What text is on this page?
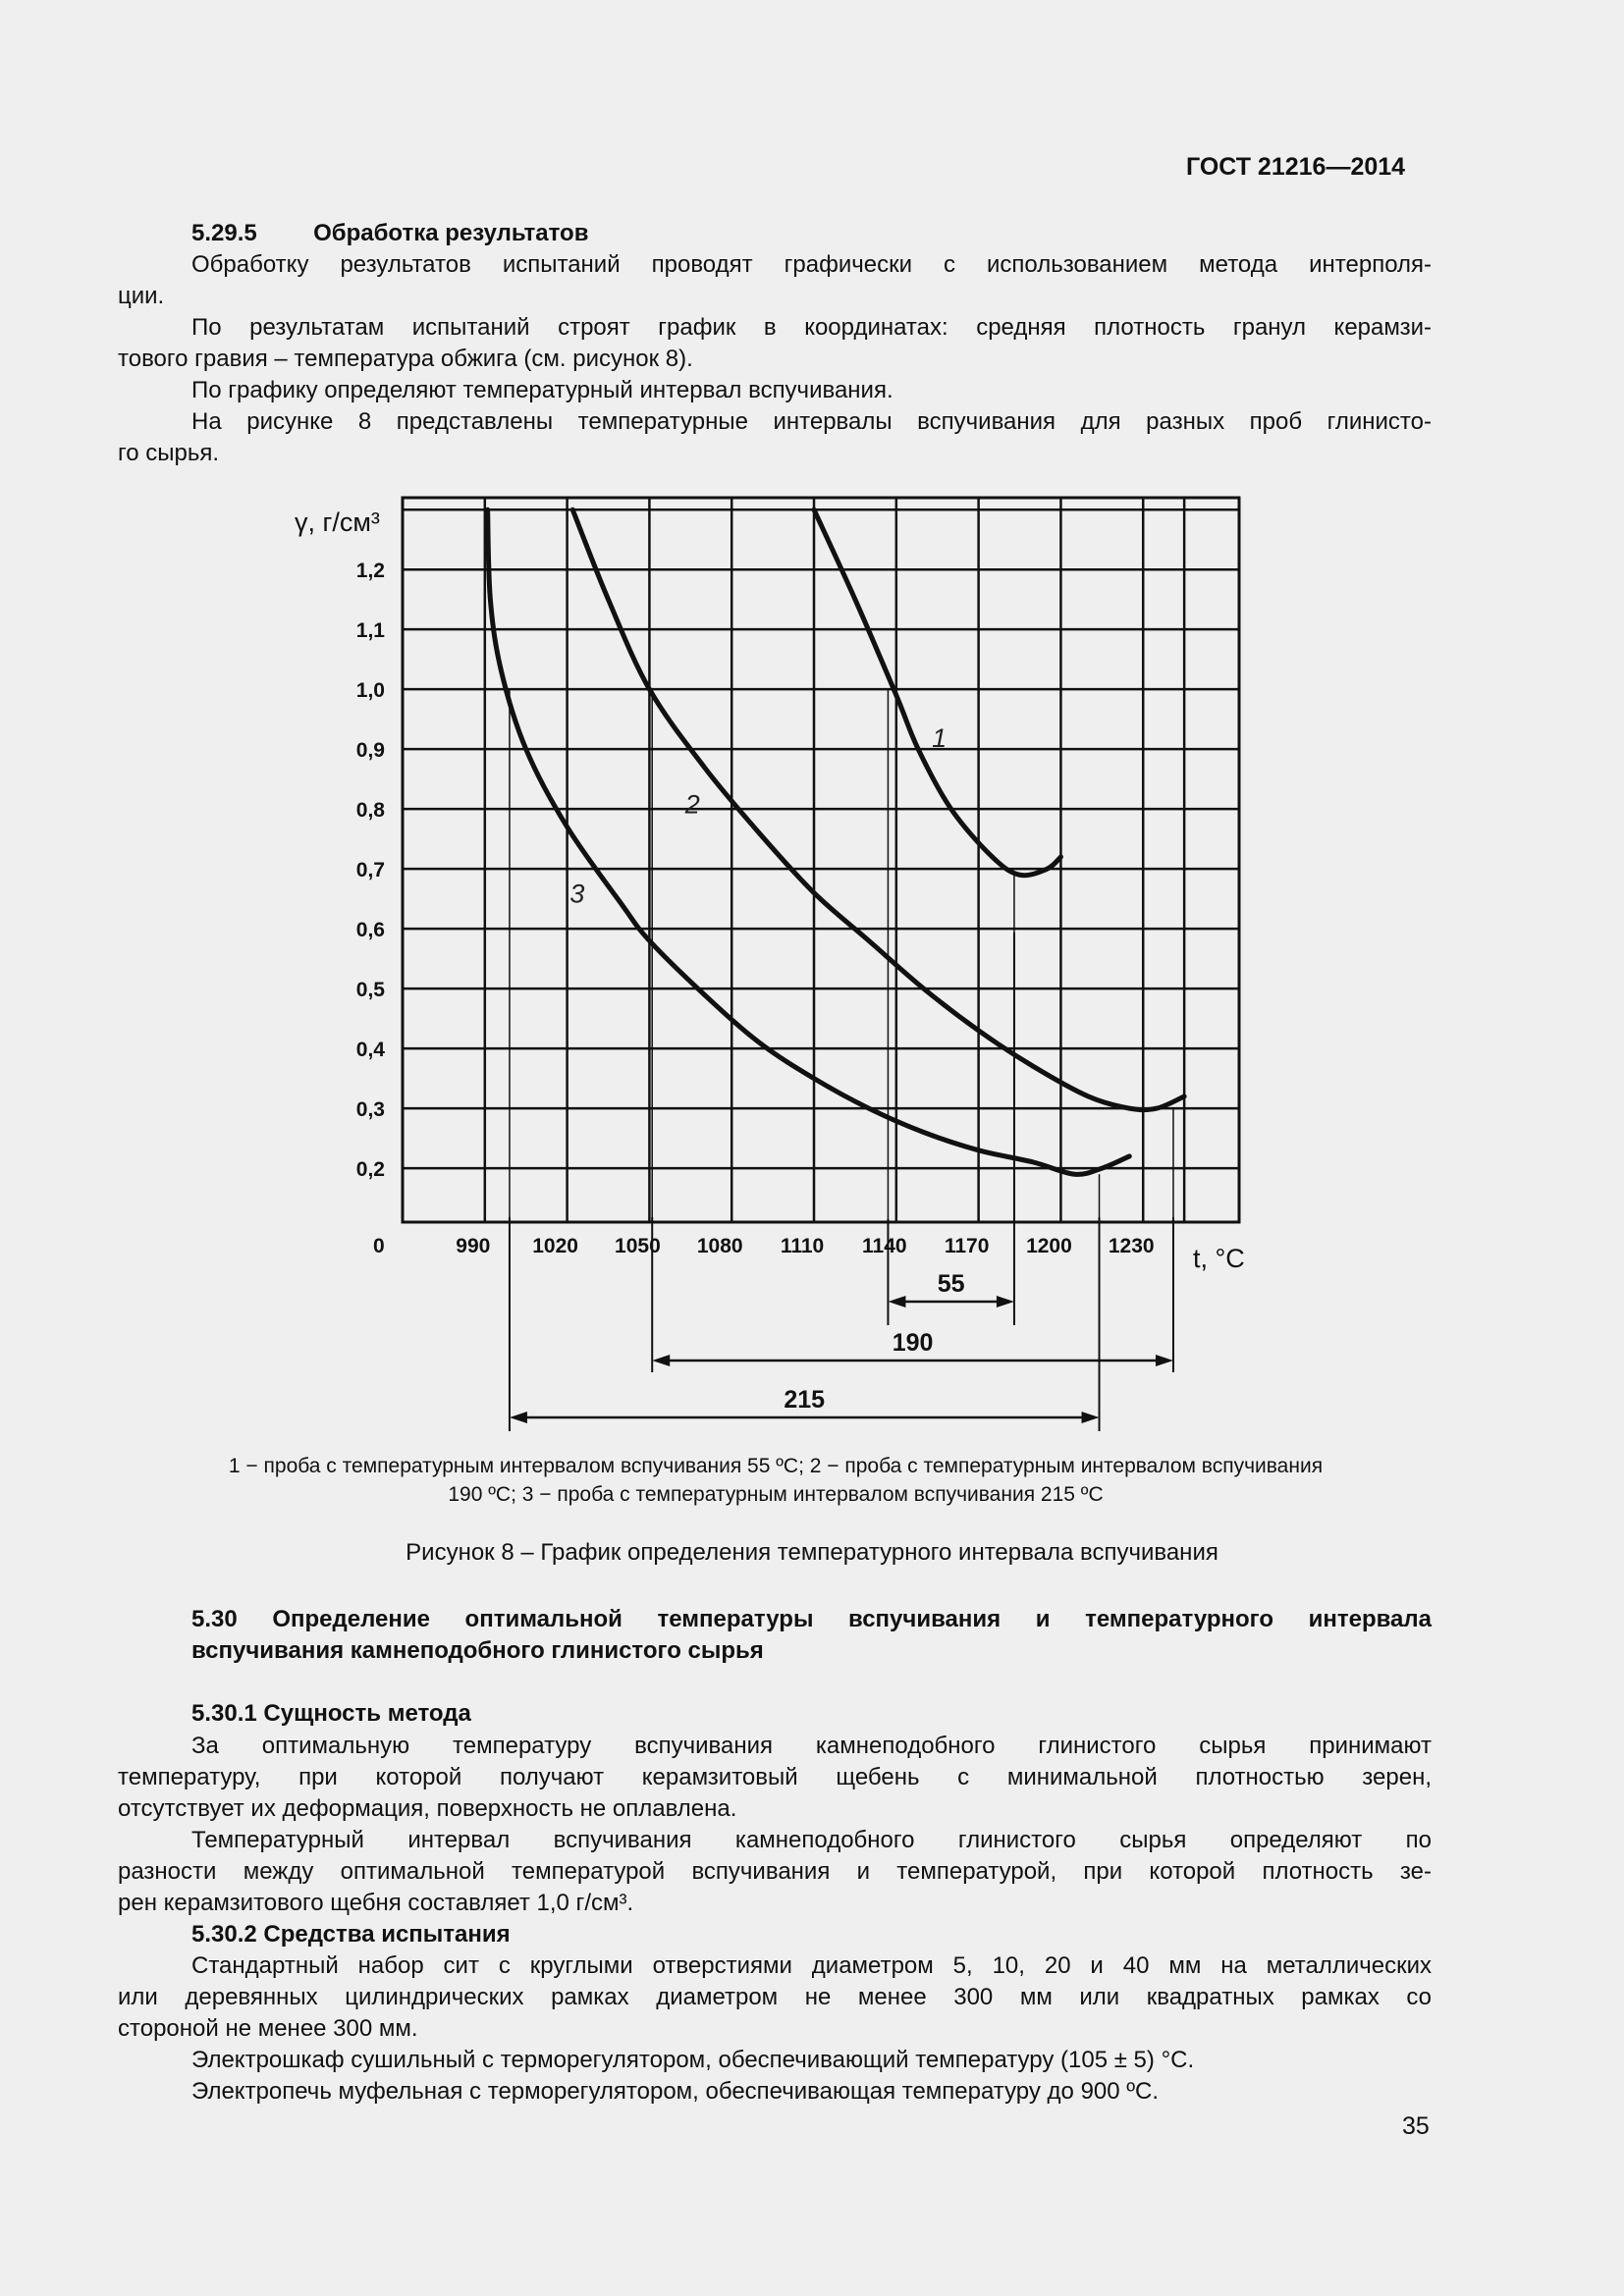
ГОСТ 21216—2014
5.29.5 Обработка результатов
Обработку результатов испытаний проводят графически с использованием метода интерполя-
ции.
По результатам испытаний строят график в координатах: средняя плотность гранул керамзи-
тового гравия – температура обжига (см. рисунок 8).
По графику определяют температурный интервал вспучивания.
На рисунке 8 представлены температурные интервалы вспучивания для разных проб глинисто-
го сырья.
0,2
0,3
0,4
0,5
0,6
0,7
0,8
0,9
1,0
1,1
1,2
990 1020 1050 1080 1110 1140 1170 1200 1230
1
2
3
55
190
215
γ, г/см³
0	t, °C
1 − проба с температурным интервалом вспучивания 55 ºC; 2 − проба с температурным интервалом вспучивания
190 ºC; 3 − проба с температурным интервалом вспучивания 215 ºC
Рисунок 8 – График определения температурного интервала вспучивания
5.30 Определение оптимальной температуры вспучивания и температурного интервала
вспучивания камнеподобного глинистого сырья
5.30.1 Сущность метода
За оптимальную температуру вспучивания камнеподобного глинистого сырья принимают
температуру, при которой получают керамзитовый щебень с минимальной плотностью зерен,
отсутствует их деформация, поверхность не оплавлена.
Температурный интервал вспучивания камнеподобного глинистого сырья определяют по
разности между оптимальной температурой вспучивания и температурой, при которой плотность зе-
рен керамзитового щебня составляет 1,0 г/см³.
5.30.2 Средства испытания
Стандартный набор сит с круглыми отверстиями диаметром 5, 10, 20 и 40 мм на металлических
или деревянных цилиндрических рамках диаметром не менее 300 мм или квадратных рамках со
стороной не менее 300 мм.
Электрошкаф сушильный с терморегулятором, обеспечивающий температуру (105 ± 5) °С.
Электропечь муфельная с терморегулятором, обеспечивающая температуру до 900 ºС.
35
